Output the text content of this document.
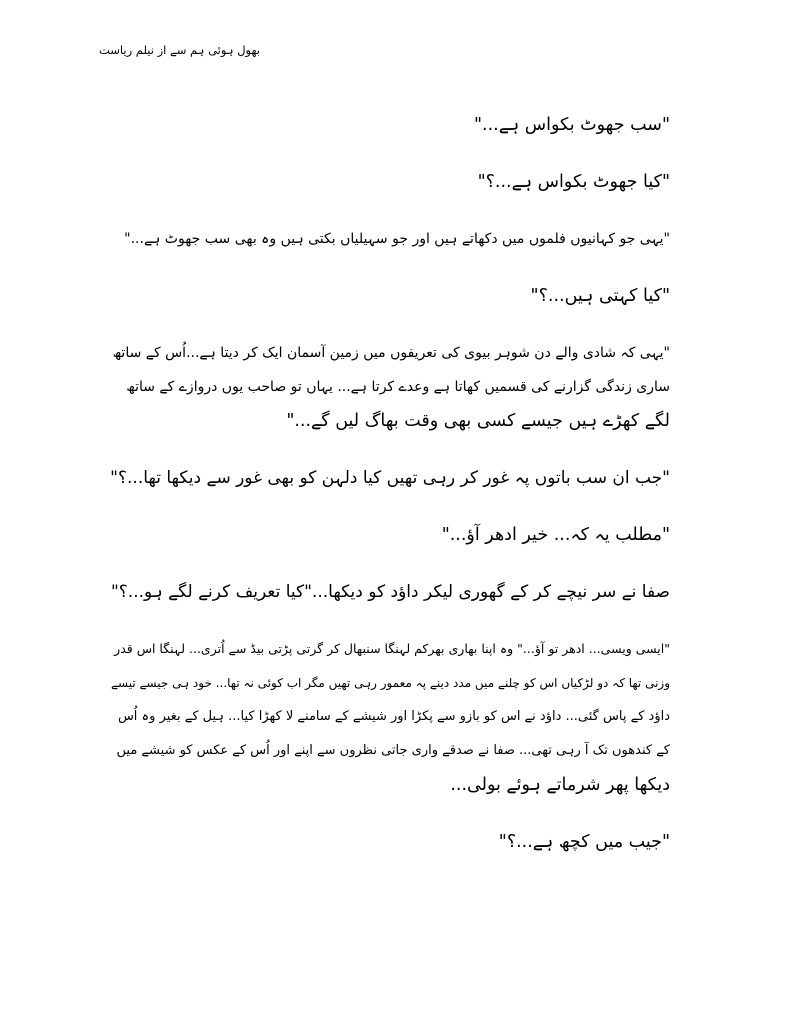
بھول ہوئی ہم سے از نیلم ریاست

"سب جھوٹ بکواس ہے..."

"کیا جھوٹ بکواس ہے...؟"

"یہی جو کہانیوں فلموں میں دکھاتے ہیں اور جو سہیلیاں بکتی ہیں وہ بھی سب جھوٹ ہے..."

"کیا کہتی ہیں...؟"

"یہی کہ شادی والے دن شوہر بیوی کی تعریفوں میں زمین آسمان ایک کر دیتا ہے...اُس کے ساتھ
ساری زندگی گزارنے کی قسمیں کھاتا ہے وعدے کرتا ہے... یہاں تو صاحب یوں دروازے کے ساتھ
لگے کھڑے ہیں جیسے کسی بھی وقت بھاگ لیں گے..."

"جب ان سب باتوں پہ غور کر رہی تھیں کیا دلہن کو بھی غور سے دیکھا تھا...؟"

"مطلب یہ کہ... خیر ادھر آؤ..."

صفا نے سر نیچے کر کے گھوری لیکر داؤد کو دیکھا..."کیا تعریف کرنے لگے ہو...؟"

"ایسی ویسی... ادھر تو آؤ..." وہ اپنا بھاری بھرکم لہنگا سنبھال کر گرتی پڑتی بیڈ سے اُتری... لہنگا اس قدر
وزنی تھا کہ دو لڑکیاں اس کو چلنے میں مدد دینے پہ معمور رہی تھیں مگر اب کوئی نہ تھا... خود ہی جیسے تیسے
داؤد کے پاس گئی... داؤد نے اس کو بازو سے پکڑا اور شیشے کے سامنے لا کھڑا کیا... ہیل کے بغیر وہ اُس
کے کندھوں تک آ رہی تھی... صفا نے صدقے واری جاتی نظروں سے اپنے اور اُس کے عکس کو شیشے میں
دیکھا پھر شرماتے ہوئے بولی...

"جیب میں کچھ ہے...؟"
